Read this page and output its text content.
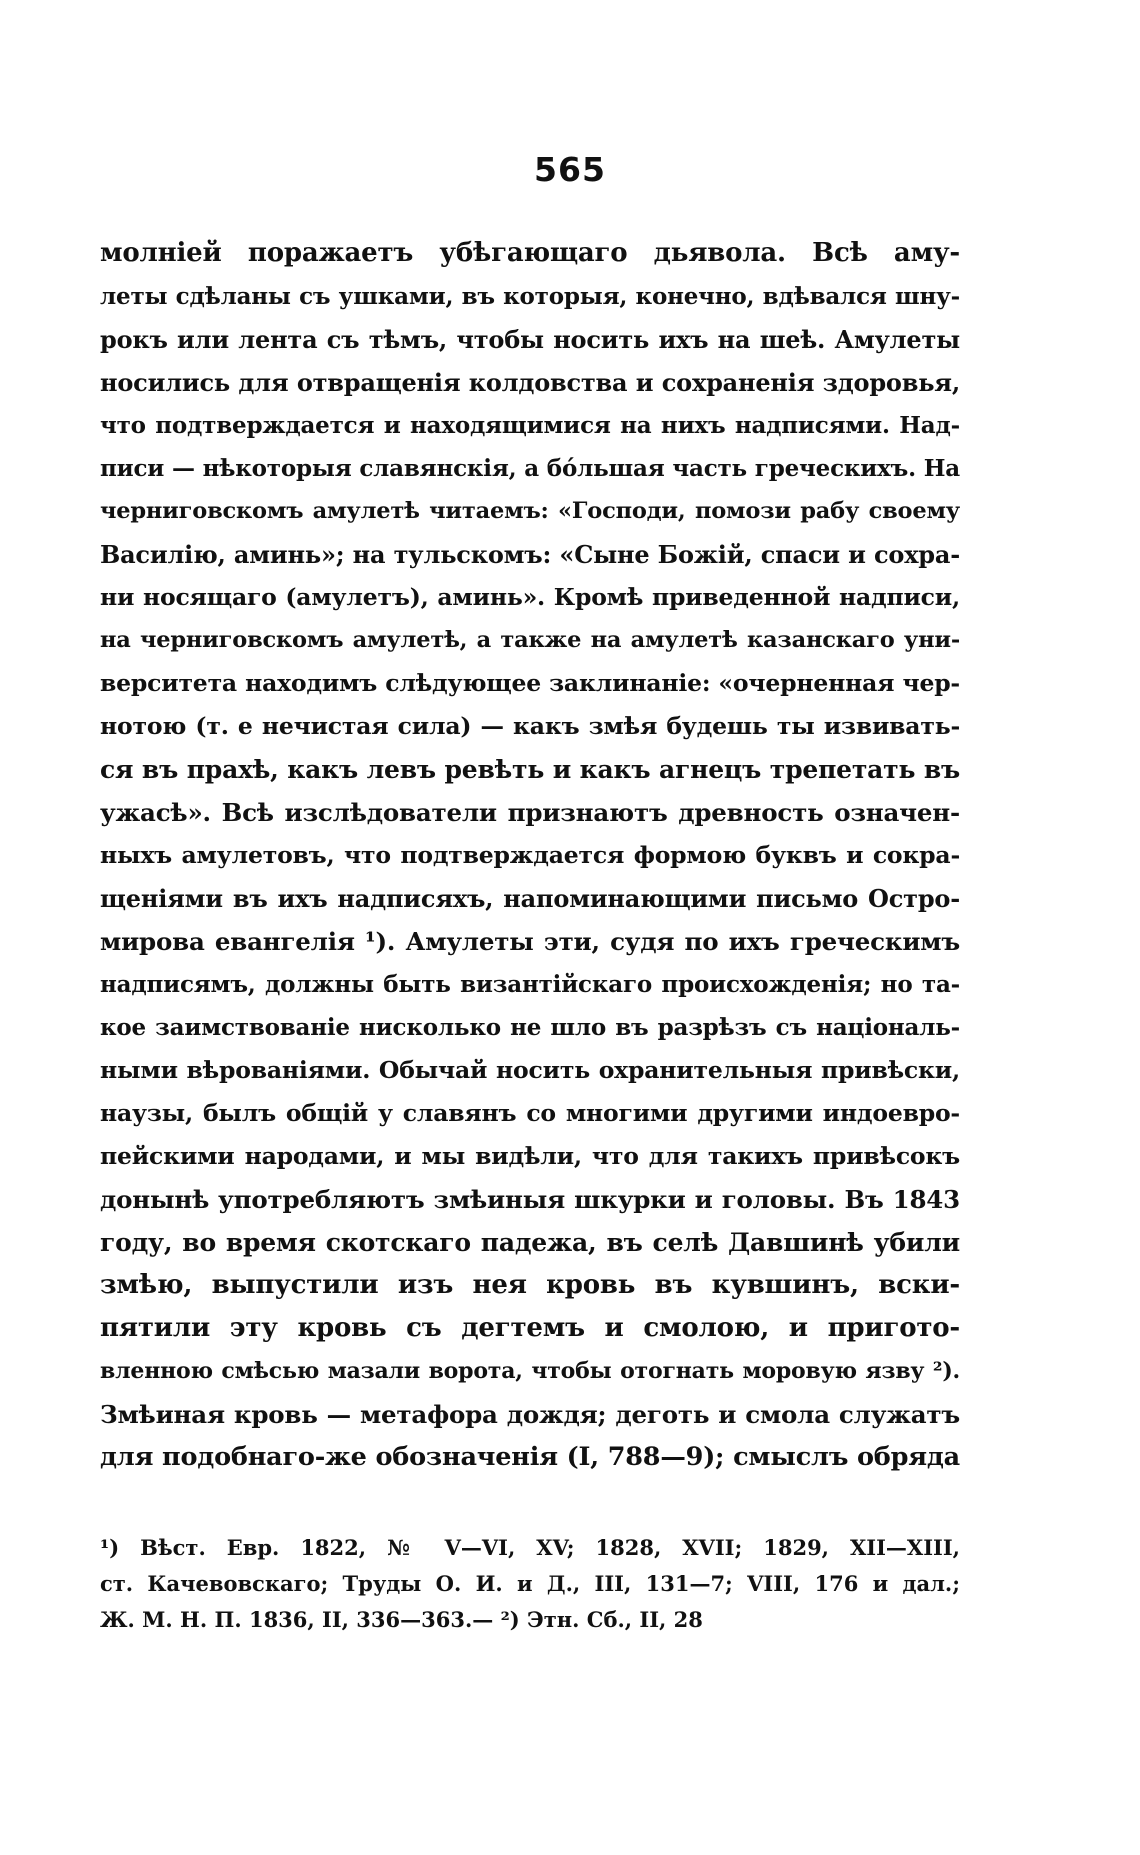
565
молніей поражаетъ убѣгающаго дьявола. Всѣ аму-
леты сдѣланы съ ушками, въ которыя, конечно, вдѣвался шну-
рокъ или лента съ тѣмъ, чтобы носить ихъ на шеѣ. Амулеты
носились для отвращенія колдовства и сохраненія здоровья,
что подтверждается и находящимися на нихъ надписями. Над-
писи — нѣкоторыя славянскія, а бо́льшая часть греческихъ. На
черниговскомъ амулетѣ читаемъ: «Господи, помози рабу своему
Василію, аминь»; на тульскомъ: «Сыне Божій, спаси и сохра-
ни носящаго (амулетъ), аминь». Кромѣ приведенной надписи,
на черниговскомъ амулетѣ, а также на амулетѣ казанскаго уни-
верситета находимъ слѣдующее заклинаніе: «очерненная чер-
нотою (т. е нечистая сила) — какъ змѣя будешь ты извивать-
ся въ прахѣ, какъ левъ ревѣть и какъ агнецъ трепетать въ
ужасѣ». Всѣ изслѣдователи признаютъ древность означен-
ныхъ амулетовъ, что подтверждается формою буквъ и сокра-
щеніями въ ихъ надписяхъ, напоминающими письмо Остро-
мирова евангелія ¹). Амулеты эти, судя по ихъ греческимъ
надписямъ, должны быть византійскаго происхожденія; но та-
кое заимствованіе нисколько не шло въ разрѣзъ съ національ-
ными вѣрованіями. Обычай носить охранительныя привѣски,
наузы, былъ общій у славянъ со многими другими индоевро-
пейскими народами, и мы видѣли, что для такихъ привѣсокъ
донынѣ употребляютъ змѣиныя шкурки и головы. Въ 1843
году, во время скотскаго падежа, въ селѣ Давшинѣ убили
змѣю, выпустили изъ нея кровь въ кувшинъ, вски-
пятили эту кровь съ дегтемъ и смолою, и пригото-
вленною смѣсью мазали ворота, чтобы отогнать моровую язву ²).
Змѣиная кровь — метафора дождя; деготь и смола служатъ
для подобнаго-же обозначенія (I, 788—9); смыслъ обряда
¹) Вѣст. Евр. 1822, № V—VI, XV; 1828, XVII; 1829, XII—XIII,
ст. Качевовскаго; Труды О. И. и Д., III, 131—7; VIII, 176 и дал.;
Ж. М. Н. П. 1836, II, 336—363.— ²) Этн. Сб., II, 28
